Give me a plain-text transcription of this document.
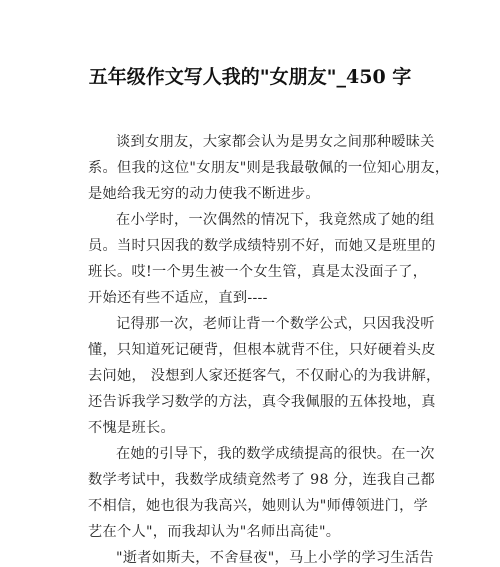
五年级作文写人我的"女朋友"_450 字
谈到女朋友，大家都会认为是男女之间那种暧昧关
系。但我的这位"女朋友"则是我最敬佩的一位知心朋友，
是她给我无穷的动力使我不断进步。
在小学时，一次偶然的情况下，我竟然成了她的组
员。当时只因我的数学成绩特别不好，而她又是班里的
班长。哎!一个男生被一个女生管，真是太没面子了，
开始还有些不适应，直到----
记得那一次，老师让背一个数学公式，只因我没听
懂，只知道死记硬背，但根本就背不住，只好硬着头皮
去问她， 没想到人家还挺客气，不仅耐心的为我讲解，
还告诉我学习数学的方法，真令我佩服的五体投地，真
不愧是班长。
在她的引导下，我的数学成绩提高的很快。在一次
数学考试中，我数学成绩竟然考了 98 分，连我自己都
不相信，她也很为我高兴，她则认为"师傅领进门，学
艺在个人"，而我却认为"名师出高徒"。
"逝者如斯夫，不舍昼夜"，马上小学的学习生活告
